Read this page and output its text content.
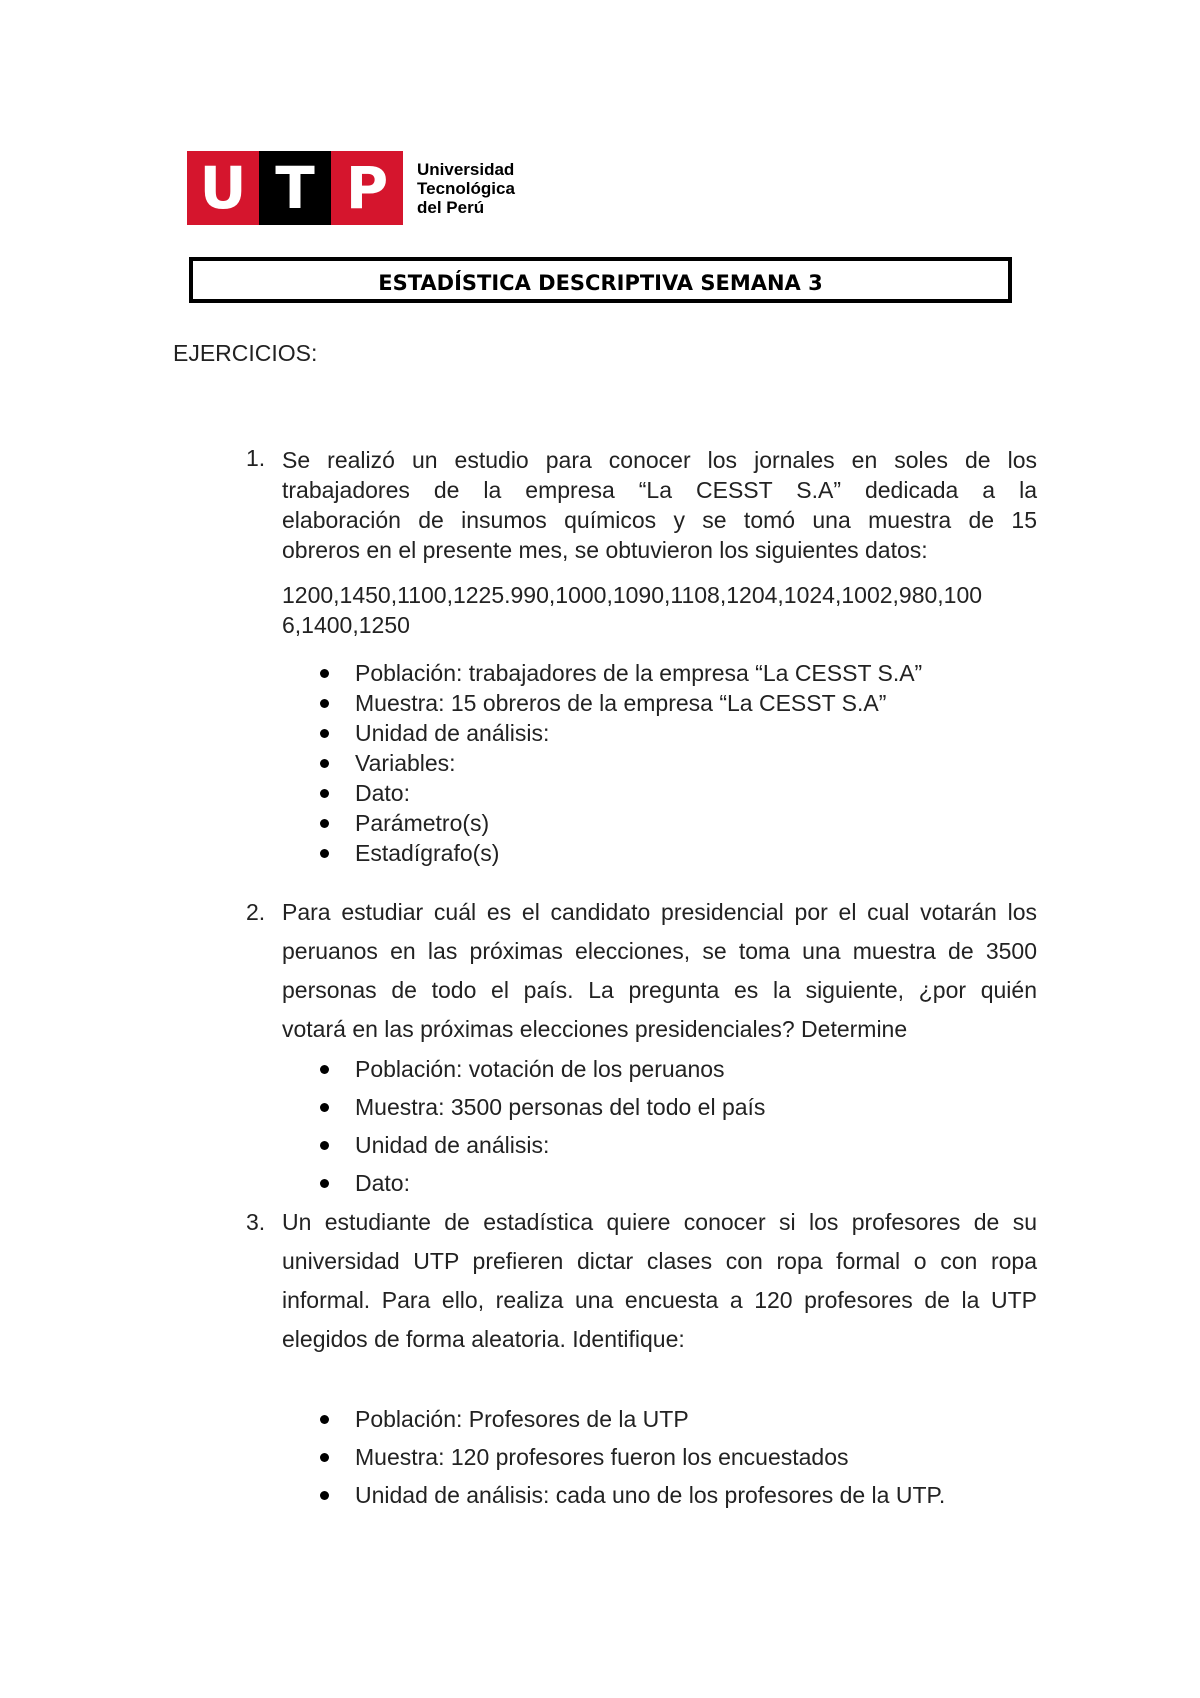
U T P	Universidad
Tecnológica
del Perú
ESTADÍSTICA DESCRIPTIVA SEMANA 3
EJERCICIOS:
1. Se realizó un estudio para conocer los jornales en soles de los
trabajadores de la empresa “La CESST S.A” dedicada a la
elaboración de insumos químicos y se tomó una muestra de 15
obreros en el presente mes, se obtuvieron los siguientes datos:
1200,1450,1100,1225.990,1000,1090,1108,1204,1024,1002,980,100
6,1400,1250
Población: trabajadores de la empresa “La CESST S.A”
Muestra: 15 obreros de la empresa “La CESST S.A”
Unidad de análisis:
Variables:
Dato:
Parámetro(s)
Estadígrafo(s)
2. Para estudiar cuál es el candidato presidencial por el cual votarán los
peruanos en las próximas elecciones, se toma una muestra de 3500
personas de todo el país. La pregunta es la siguiente, ¿por quién
votará en las próximas elecciones presidenciales? Determine
Población: votación de los peruanos
Muestra: 3500 personas del todo el país
Unidad de análisis:
Dato:
3. Un estudiante de estadística quiere conocer si los profesores de su
universidad UTP prefieren dictar clases con ropa formal o con ropa
informal. Para ello, realiza una encuesta a 120 profesores de la UTP
elegidos de forma aleatoria. Identifique:
Población: Profesores de la UTP
Muestra: 120 profesores fueron los encuestados
Unidad de análisis: cada uno de los profesores de la UTP.
